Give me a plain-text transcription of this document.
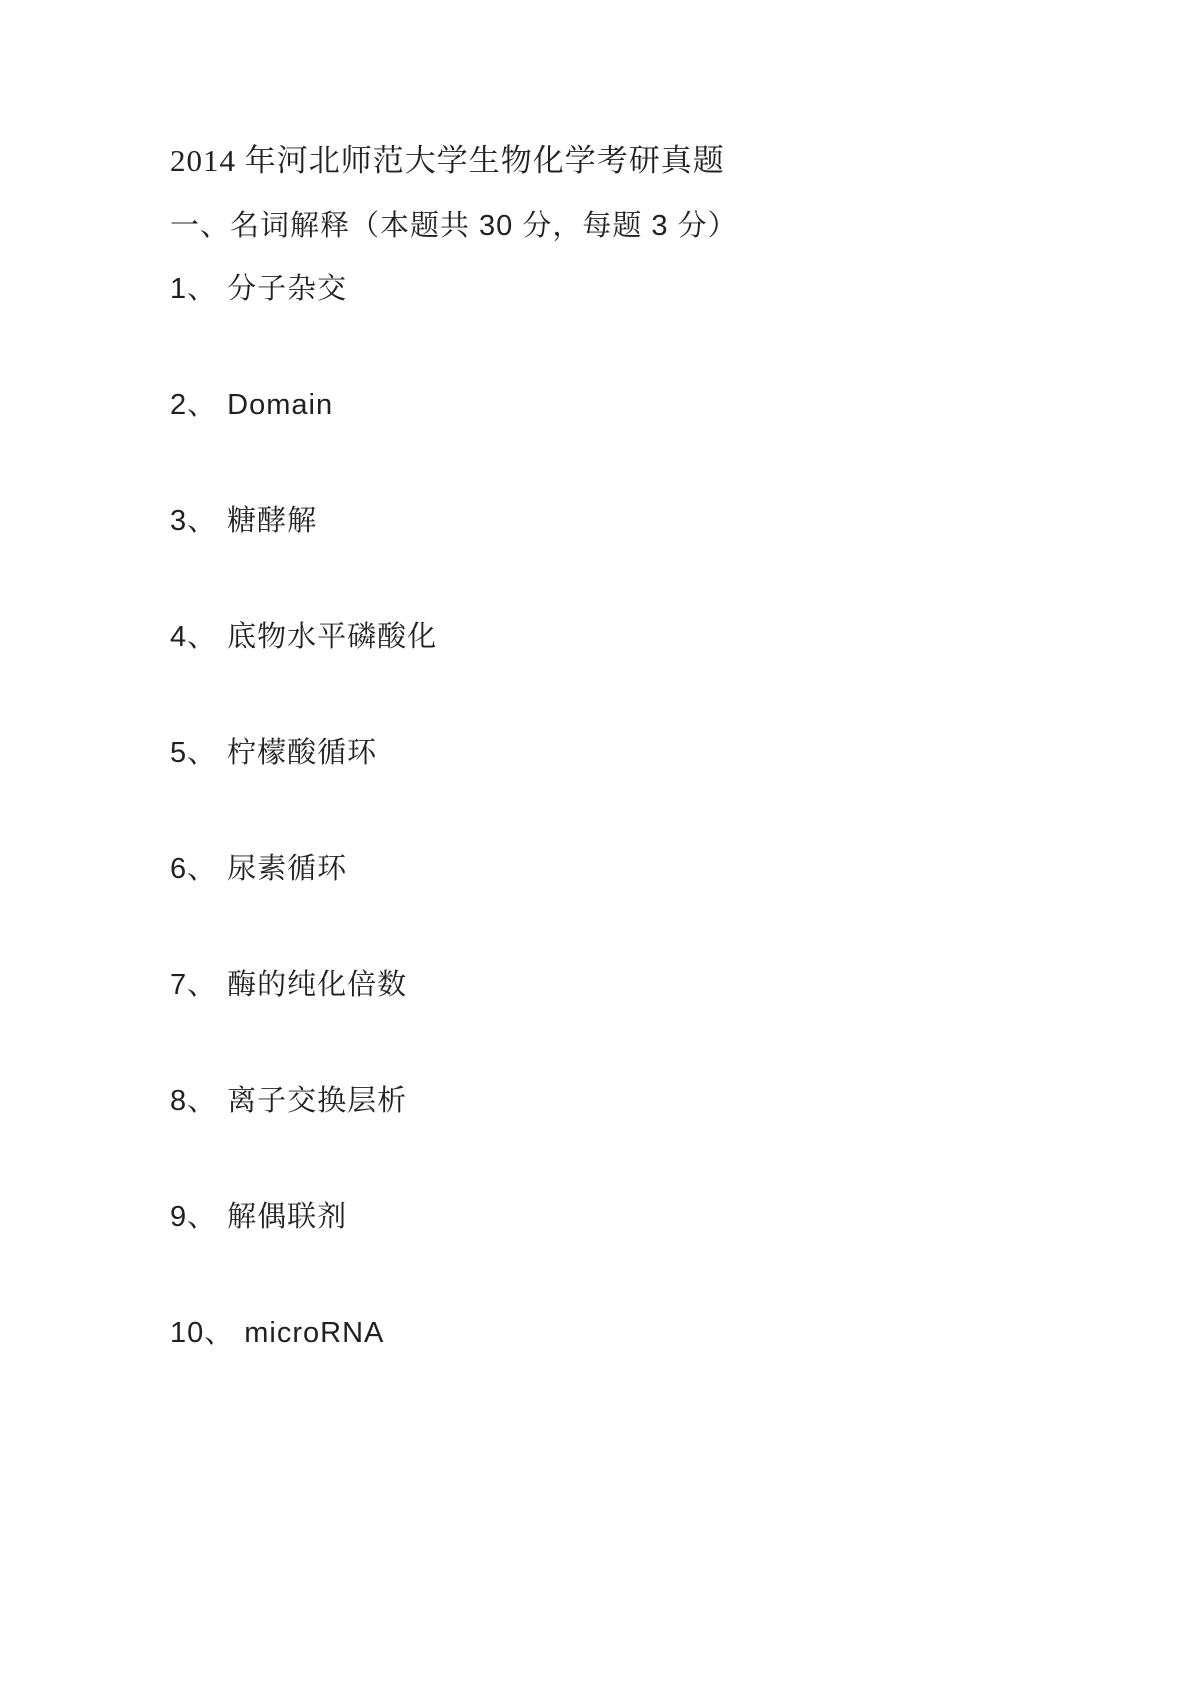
2014 年河北师范大学生物化学考研真题
一、名词解释（本题共 30 分，每题 3 分）

1、 分子杂交

2、 Domain

3、 糖酵解

4、 底物水平磷酸化

5、 柠檬酸循环

6、 尿素循环

7、 酶的纯化倍数

8、 离子交换层析

9、 解偶联剂

10、 microRNA
